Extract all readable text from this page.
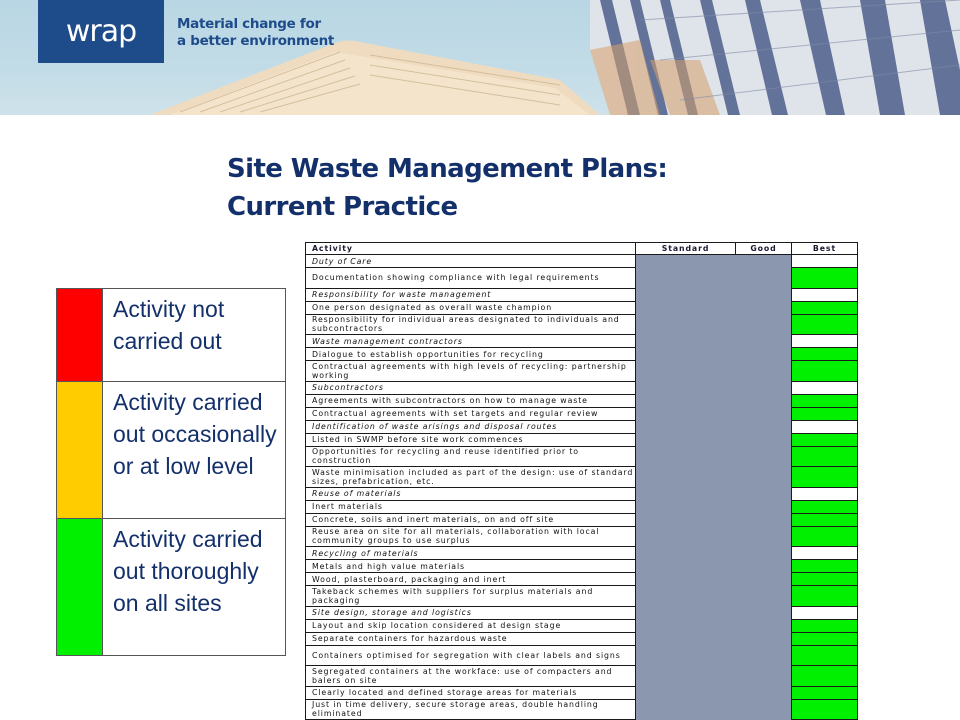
wrap	Material change for
a better environment
Site Waste Management Plans:
Current Practice
Activity not carried out
Activity carried out occasionally or at low level
Activity carried out thoroughly on all sites
Activity	Standard	Good	Best
Duty of Care			
Documentation showing compliance with legal requirements			
Responsibility for waste management			
One person designated as overall waste champion			
Responsibility for individual areas designated to individuals and subcontractors			
Waste management contractors			
Dialogue to establish opportunities for recycling			
Contractual agreements with high levels of recycling: partnership working			
Subcontractors			
Agreements with subcontractors on how to manage waste			
Contractual agreements with set targets and regular review			
Identification of waste arisings and disposal routes			
Listed in SWMP before site work commences			
Opportunities for recycling and reuse identified prior to construction			
Waste minimisation included as part of the design: use of standard sizes, prefabrication, etc.			
Reuse of materials			
Inert materials			
Concrete, soils and inert materials, on and off site			
Reuse area on site for all materials, collaboration with local community groups to use surplus			
Recycling of materials			
Metals and high value materials			
Wood, plasterboard, packaging and inert			
Takeback schemes with suppliers for surplus materials and packaging			
Site design, storage and logistics			
Layout and skip location considered at design stage			
Separate containers for hazardous waste			
Containers optimised for segregation with clear labels and signs			
Segregated containers at the workface: use of compacters and balers on site			
Clearly located and defined storage areas for materials			
Just in time delivery, secure storage areas, double handling eliminated			
